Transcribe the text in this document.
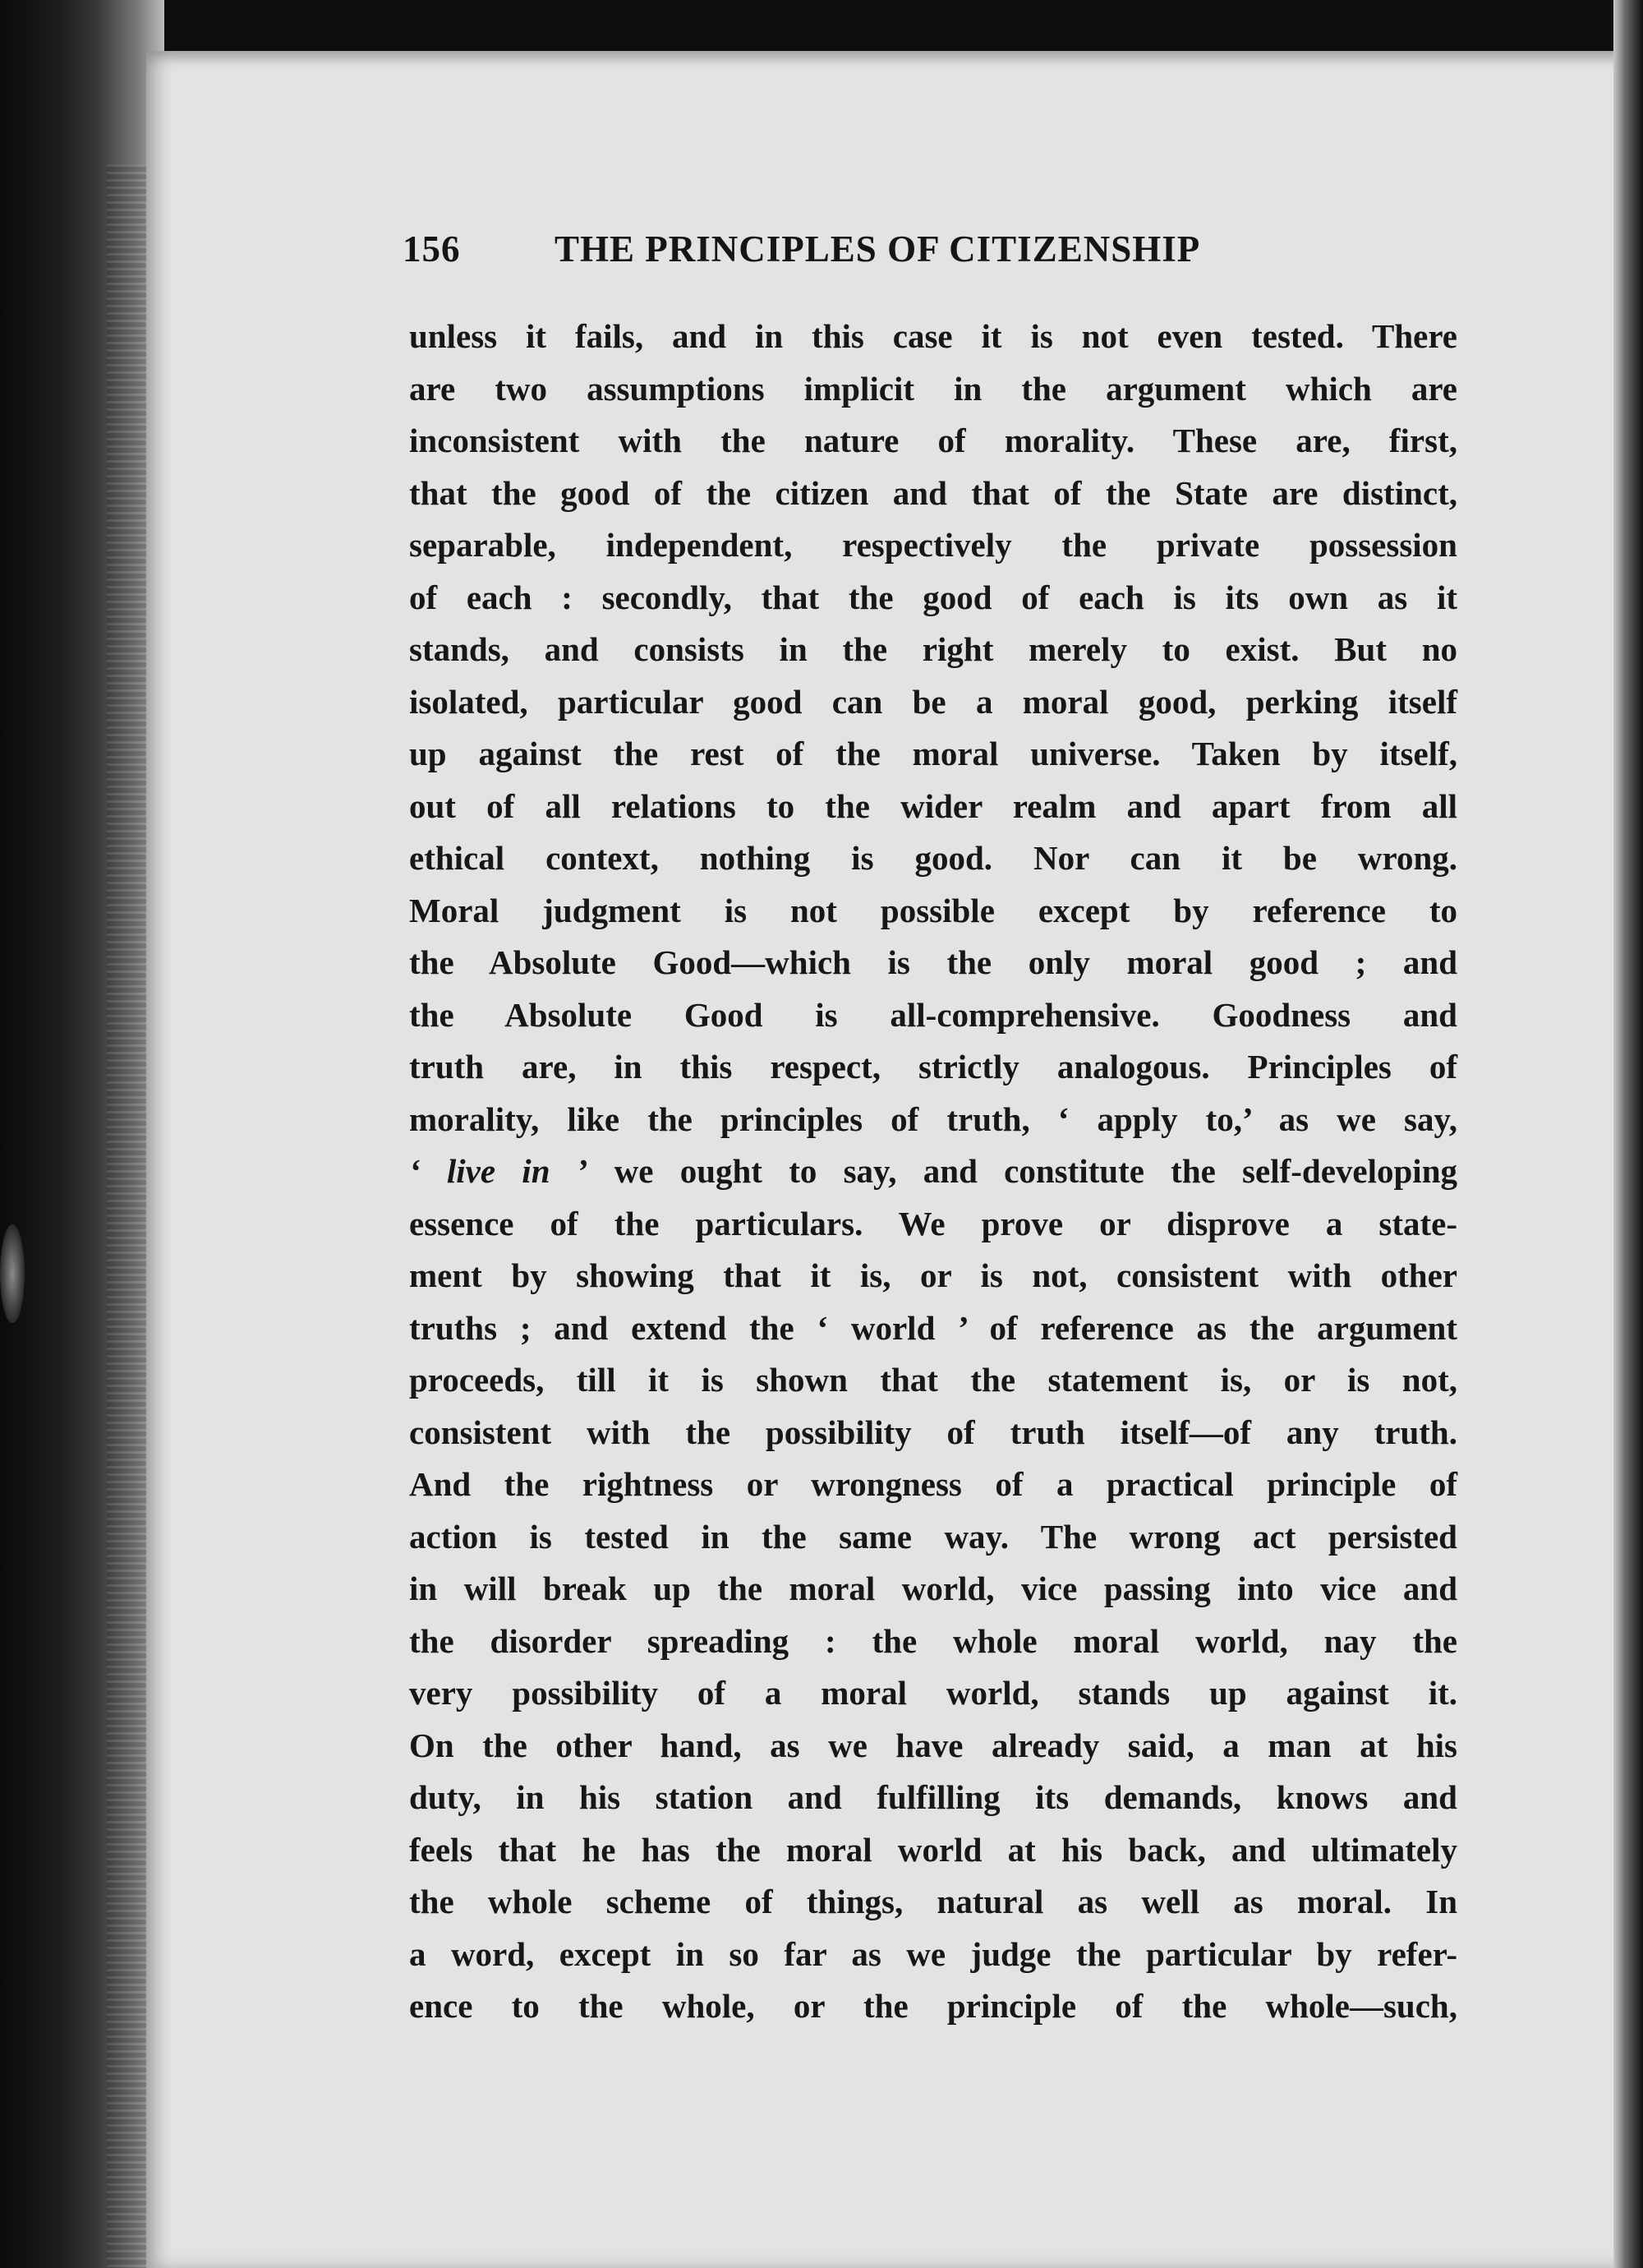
156	THE PRINCIPLES OF CITIZENSHIP
unless it fails, and in this case it is not even tested. There
are two assumptions implicit in the argument which are
inconsistent with the nature of morality. These are, first,
that the good of the citizen and that of the State are distinct,
separable, independent, respectively the private possession
of each : secondly, that the good of each is its own as it
stands, and consists in the right merely to exist. But no
isolated, particular good can be a moral good, perking itself
up against the rest of the moral universe. Taken by itself,
out of all relations to the wider realm and apart from all
ethical context, nothing is good. Nor can it be wrong.
Moral judgment is not possible except by reference to
the Absolute Good—which is the only moral good ; and
the Absolute Good is all-comprehensive. Goodness and
truth are, in this respect, strictly analogous. Principles of
morality, like the principles of truth, ‘ apply to,’ as we say,
‘ live in ’ we ought to say, and constitute the self-developing
essence of the particulars. We prove or disprove a state-
ment by showing that it is, or is not, consistent with other
truths ; and extend the ‘ world ’ of reference as the argument
proceeds, till it is shown that the statement is, or is not,
consistent with the possibility of truth itself—of any truth.
And the rightness or wrongness of a practical principle of
action is tested in the same way. The wrong act persisted
in will break up the moral world, vice passing into vice and
the disorder spreading : the whole moral world, nay the
very possibility of a moral world, stands up against it.
On the other hand, as we have already said, a man at his
duty, in his station and fulfilling its demands, knows and
feels that he has the moral world at his back, and ultimately
the whole scheme of things, natural as well as moral. In
a word, except in so far as we judge the particular by refer-
ence to the whole, or the principle of the whole—such,
